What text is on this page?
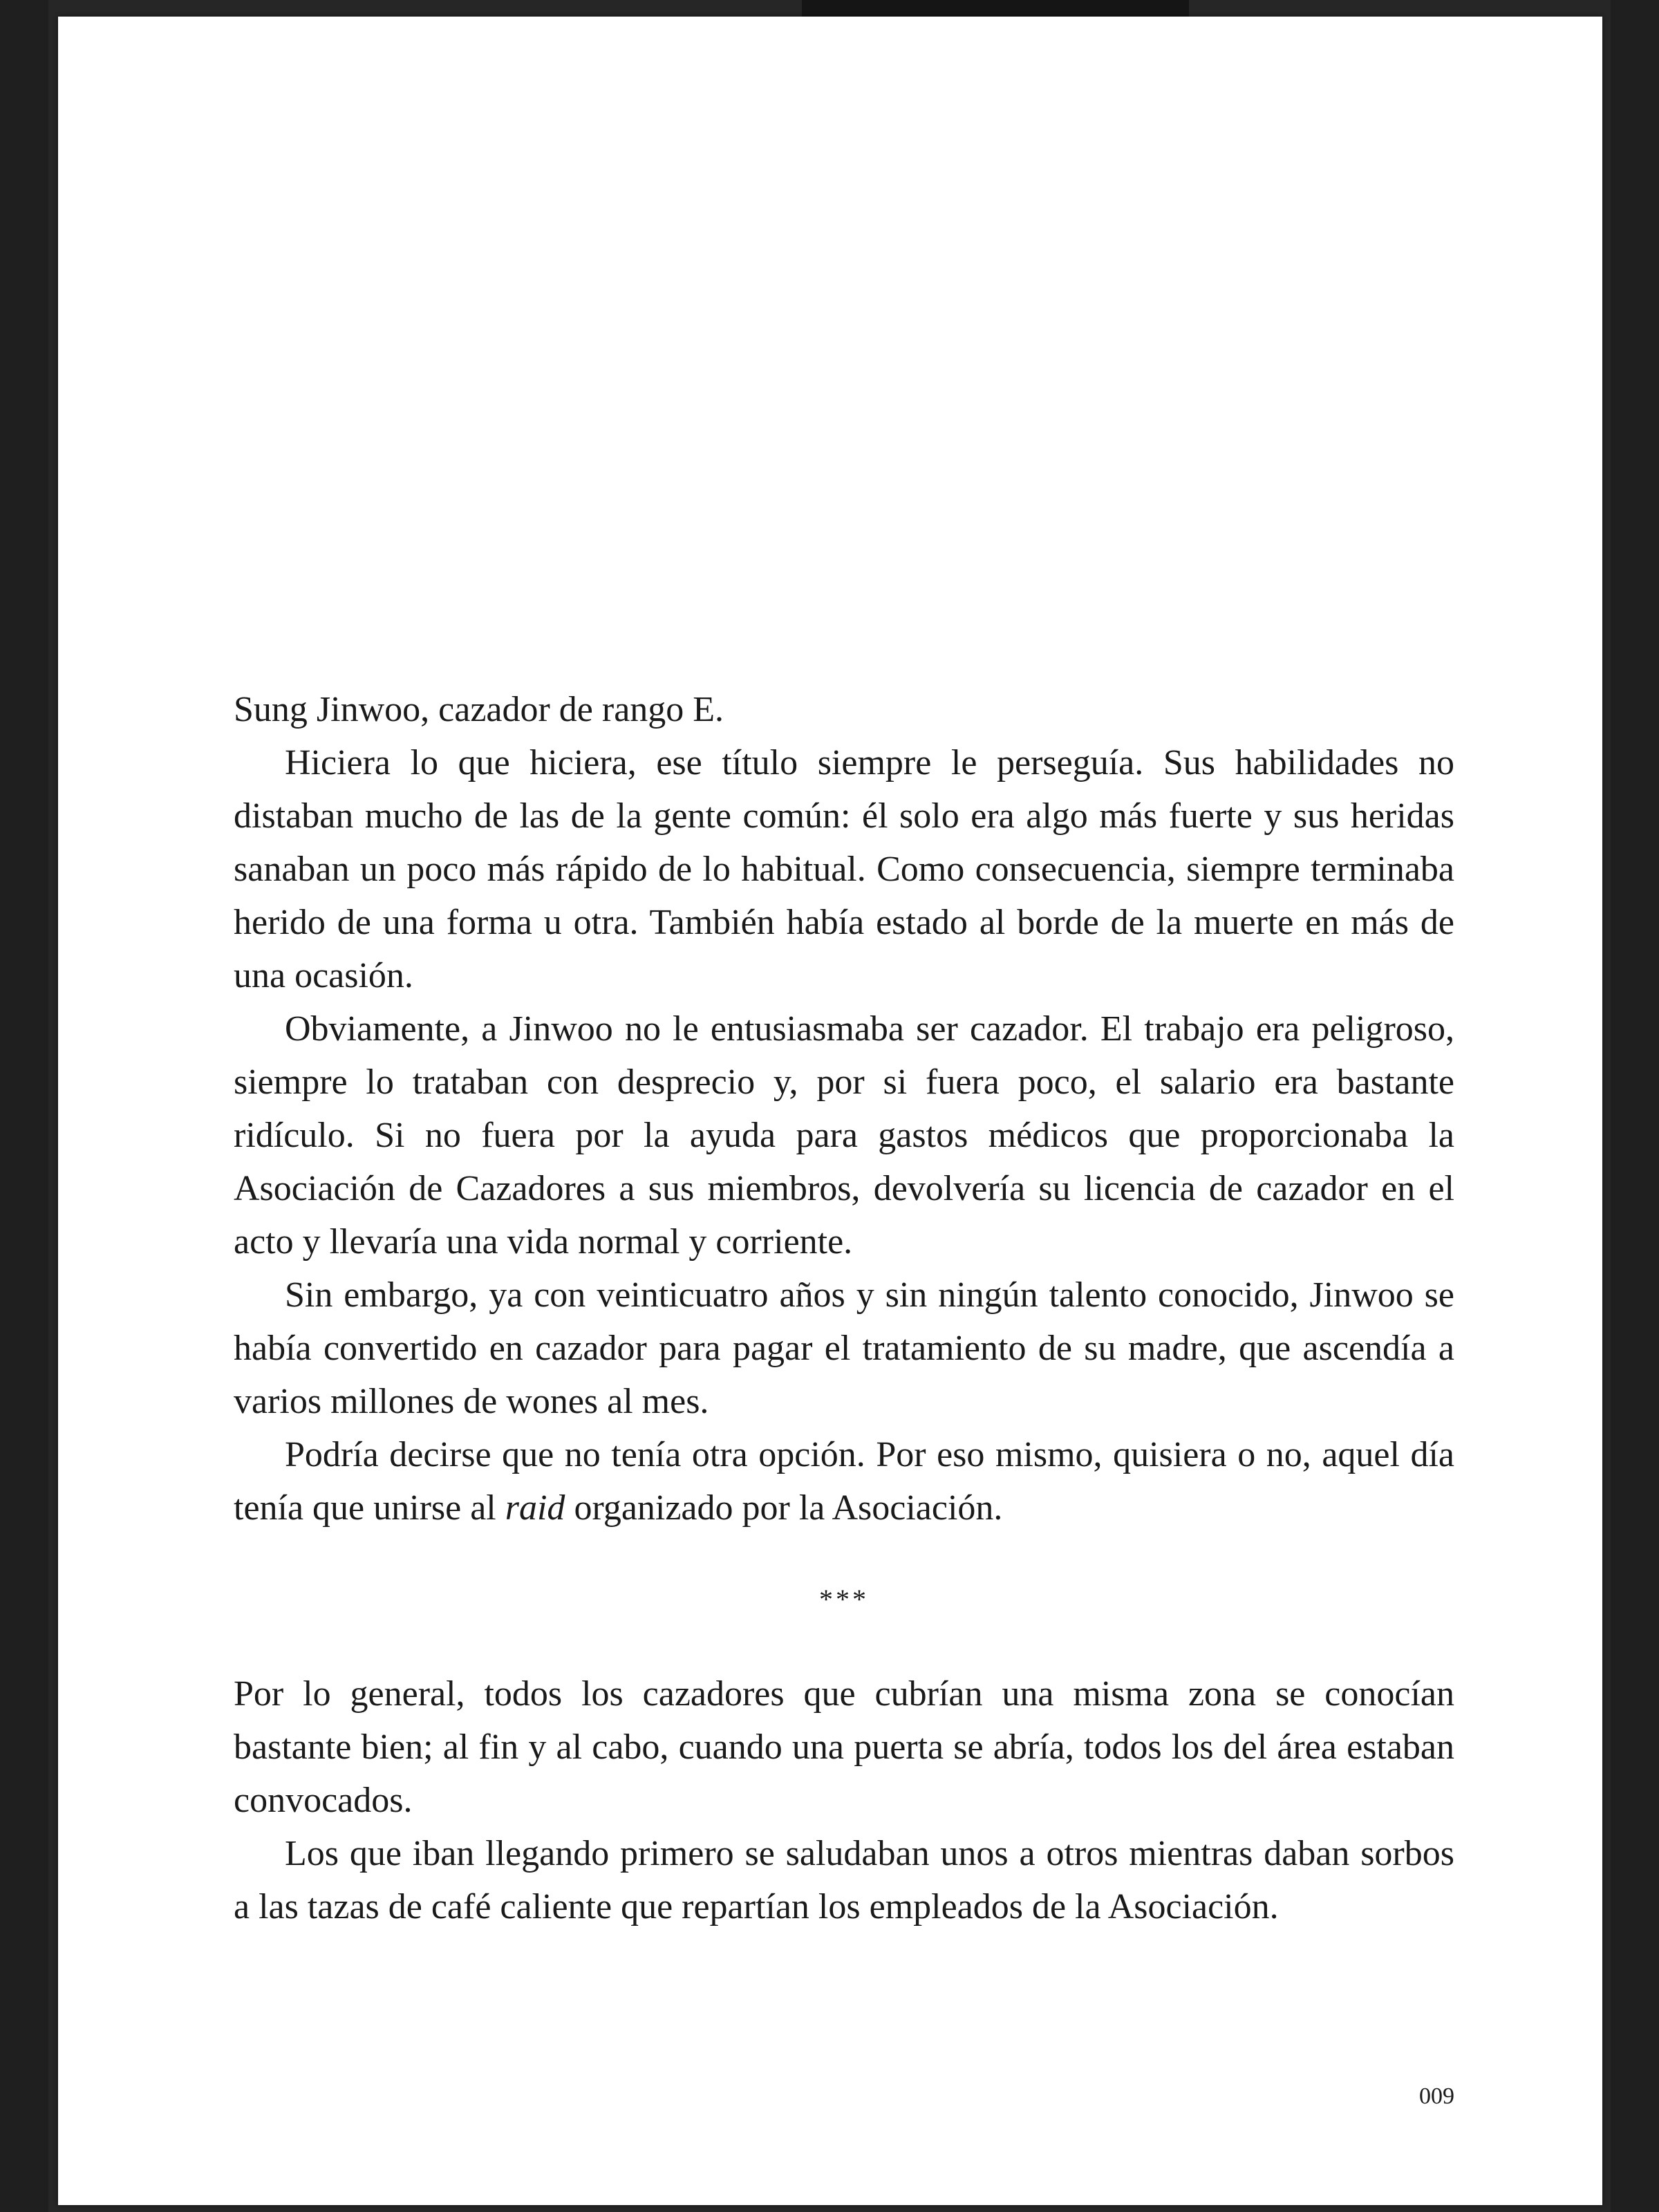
Sung Jinwoo, cazador de rango E.

Hiciera lo que hiciera, ese título siempre le perseguía. Sus habilidades no distaban mucho de las de la gente común: él solo era algo más fuerte y sus heridas sanaban un poco más rápido de lo habitual. Como consecuencia, siempre terminaba herido de una forma u otra. También había estado al borde de la muerte en más de una ocasión.

Obviamente, a Jinwoo no le entusiasmaba ser cazador. El trabajo era peligroso, siempre lo trataban con desprecio y, por si fuera poco, el salario era bastante ridículo. Si no fuera por la ayuda para gastos médicos que proporcionaba la Asociación de Cazadores a sus miembros, devolvería su licencia de cazador en el acto y llevaría una vida normal y corriente.

Sin embargo, ya con veinticuatro años y sin ningún talento conocido, Jinwoo se había convertido en cazador para pagar el tratamiento de su madre, que ascendía a varios millones de wones al mes.

Podría decirse que no tenía otra opción. Por eso mismo, quisiera o no, aquel día tenía que unirse al raid organizado por la Asociación.

***

Por lo general, todos los cazadores que cubrían una misma zona se conocían bastante bien; al fin y al cabo, cuando una puerta se abría, todos los del área estaban convocados.

Los que iban llegando primero se saludaban unos a otros mientras daban sorbos a las tazas de café caliente que repartían los empleados de la Asociación.

009
